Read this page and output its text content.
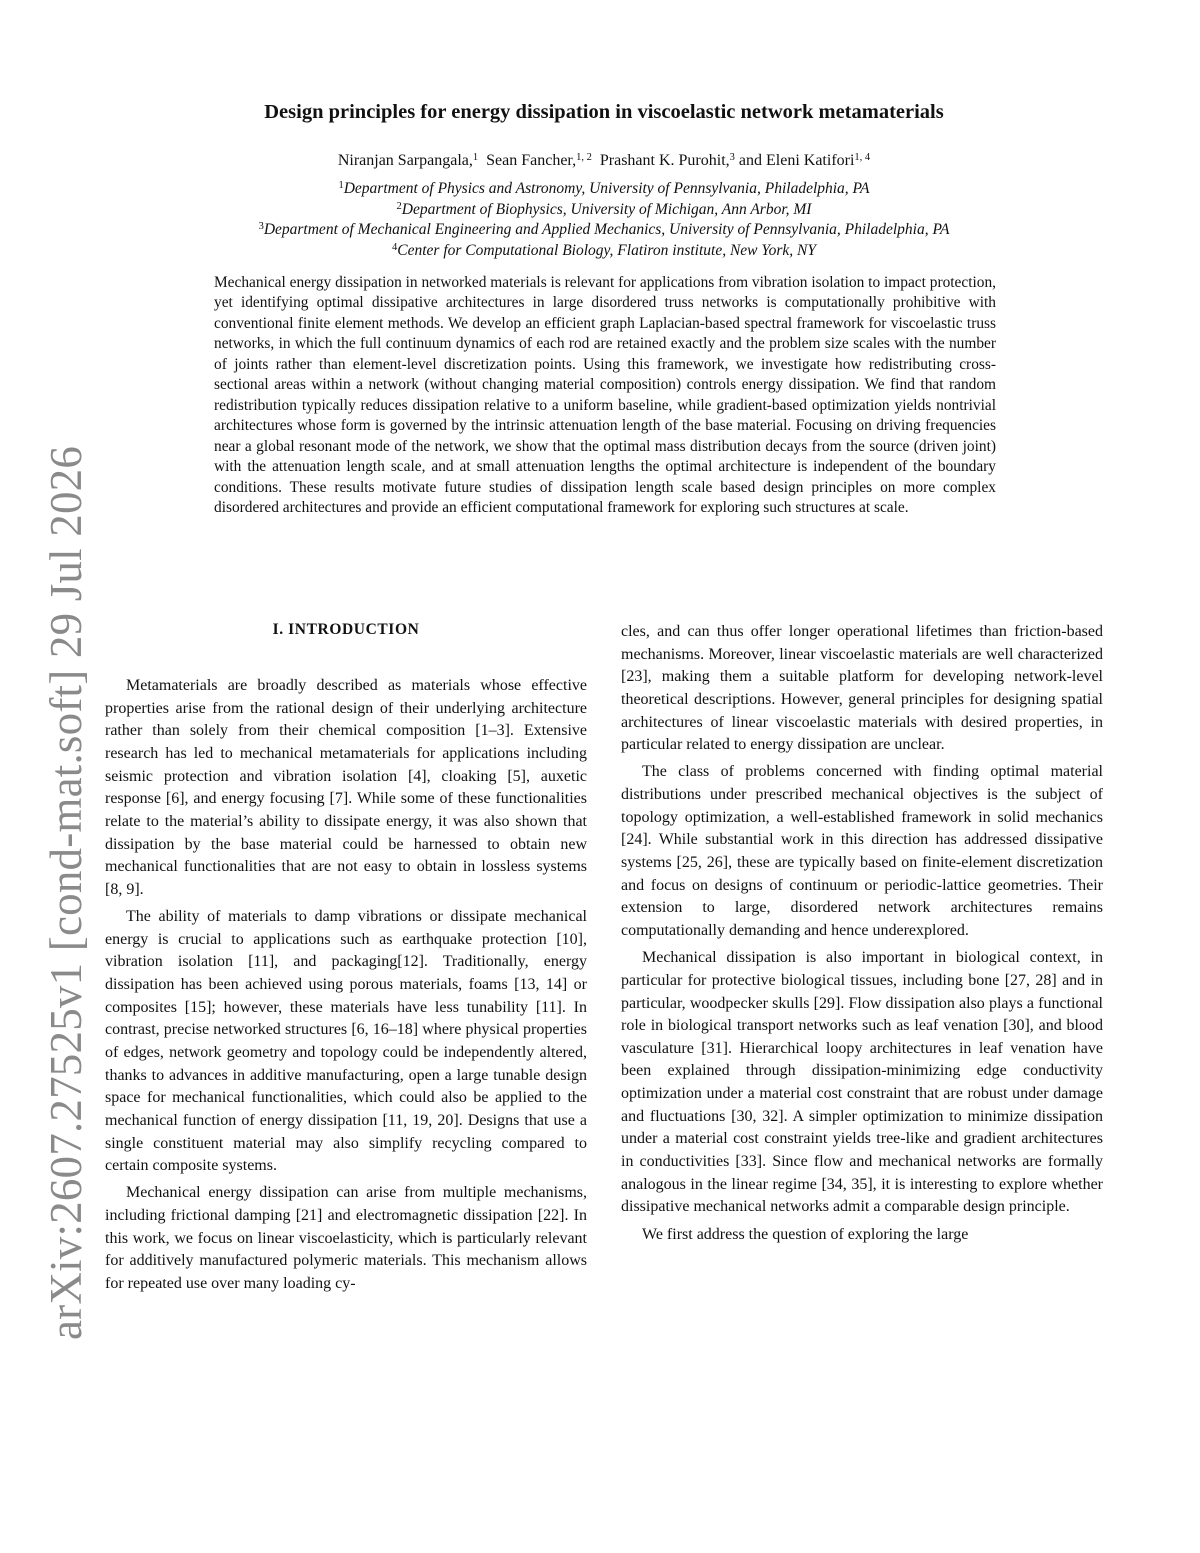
arXiv:2607.27525v1 [cond-mat.soft] 29 Jul 2026
Design principles for energy dissipation in viscoelastic network metamaterials
Niranjan Sarpangala,$^1$ Sean Fancher,$^{1, 2}$ Prashant K. Purohit,$^3$ and Eleni Katifori$^{1, 4}$
$^1$Department of Physics and Astronomy, University of Pennsylvania, Philadelphia, PA
$^2$Department of Biophysics, University of Michigan, Ann Arbor, MI
$^3$Department of Mechanical Engineering and Applied Mechanics, University of Pennsylvania, Philadelphia, PA
$^4$Center for Computational Biology, Flatiron institute, New York, NY

Mechanical energy dissipation in networked materials is relevant for applications from vibration isolation to impact protection, yet identifying optimal dissipative architectures in large disordered truss networks is computationally prohibitive with conventional finite element methods. We develop an efficient graph Laplacian-based spectral framework for viscoelastic truss networks, in which the full continuum dynamics of each rod are retained exactly and the problem size scales with the number of joints rather than element-level discretization points. Using this framework, we investigate how redistributing cross-sectional areas within a network (without changing material composition) controls energy dissipation. We find that random redistribution typically reduces dissipation relative to a uniform baseline, while gradient-based optimization yields nontrivial architectures whose form is governed by the intrinsic attenuation length of the base material. Focusing on driving frequencies near a global resonant mode of the network, we show that the optimal mass distribution decays from the source (driven joint) with the attenuation length scale, and at small attenuation lengths the optimal architecture is independent of the boundary conditions. These results motivate future studies of dissipation length scale based design principles on more complex disordered architectures and provide an efficient computational framework for exploring such structures at scale.

I. INTRODUCTION

Metamaterials are broadly described as materials whose effective properties arise from the rational design of their underlying architecture rather than solely from their chemical composition [1–3]. Extensive research has led to mechanical metamaterials for applications including seismic protection and vibration isolation [4], cloaking [5], auxetic response [6], and energy focusing [7]. While some of these functionalities relate to the material’s ability to dissipate energy, it was also shown that dissipation by the base material could be harnessed to obtain new mechanical functionalities that are not easy to obtain in lossless systems [8, 9].

The ability of materials to damp vibrations or dissipate mechanical energy is crucial to applications such as earthquake protection [10], vibration isolation [11], and packaging[12]. Traditionally, energy dissipation has been achieved using porous materials, foams [13, 14] or composites [15]; however, these materials have less tunability [11]. In contrast, precise networked structures [6, 16–18] where physical properties of edges, network geometry and topology could be independently altered, thanks to advances in additive manufacturing, open a large tunable design space for mechanical functionalities, which could also be applied to the mechanical function of energy dissipation [11, 19, 20]. Designs that use a single constituent material may also simplify recycling compared to certain composite systems.

Mechanical energy dissipation can arise from multiple mechanisms, including frictional damping [21] and electromagnetic dissipation [22]. In this work, we focus on linear viscoelasticity, which is particularly relevant for additively manufactured polymeric materials. This mechanism allows for repeated use over many loading cy-

cles, and can thus offer longer operational lifetimes than friction-based mechanisms. Moreover, linear viscoelastic materials are well characterized [23], making them a suitable platform for developing network-level theoretical descriptions. However, general principles for designing spatial architectures of linear viscoelastic materials with desired properties, in particular related to energy dissipation are unclear.

The class of problems concerned with finding optimal material distributions under prescribed mechanical objectives is the subject of topology optimization, a well-established framework in solid mechanics [24]. While substantial work in this direction has addressed dissipative systems [25, 26], these are typically based on finite-element discretization and focus on designs of continuum or periodic-lattice geometries. Their extension to large, disordered network architectures remains computationally demanding and hence underexplored.

Mechanical dissipation is also important in biological context, in particular for protective biological tissues, including bone [27, 28] and in particular, woodpecker skulls [29]. Flow dissipation also plays a functional role in biological transport networks such as leaf venation [30], and blood vasculature [31]. Hierarchical loopy architectures in leaf venation have been explained through dissipation-minimizing edge conductivity optimization under a material cost constraint that are robust under damage and fluctuations [30, 32]. A simpler optimization to minimize dissipation under a material cost constraint yields tree-like and gradient architectures in conductivities [33]. Since flow and mechanical networks are formally analogous in the linear regime [34, 35], it is interesting to explore whether dissipative mechanical networks admit a comparable design principle.

We first address the question of exploring the large
